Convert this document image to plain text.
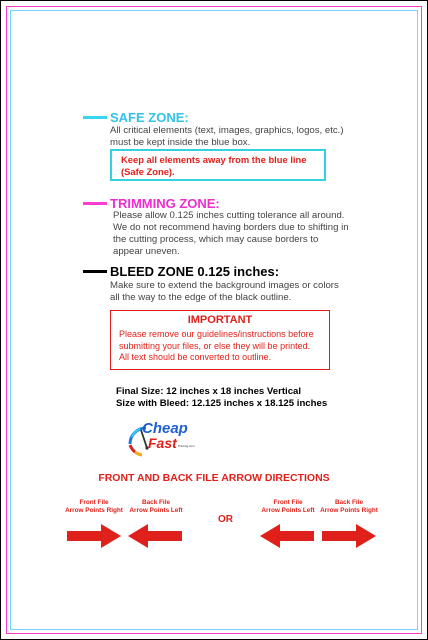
SAFE ZONE:
All critical elements (text, images, graphics, logos, etc.)
must be kept inside the blue box.
Keep all elements away from the blue line
(Safe Zone).
TRIMMING ZONE:
Please allow 0.125 inches cutting tolerance all around.
We do not recommend having borders due to shifting in
the cutting process, which may cause borders to
appear uneven.
BLEED ZONE 0.125 inches:
Make sure to extend the background images or colors
all the way to the edge of the black outline.
IMPORTANT
Please remove our guidelines/instructions before
submitting your files, or else they will be printed.
All text should be converted to outline.
Final Size: 12 inches x 18 inches Vertical
Size with Bleed: 12.125 inches x 18.125 inches
Cheap
Fast Printing.com
FRONT AND BACK FILE ARROW DIRECTIONS
Front File
Arrow Points Right
Back File
Arrow Points Left
OR
Front File
Arrow Points Left
Back File
Arrow Points Right
